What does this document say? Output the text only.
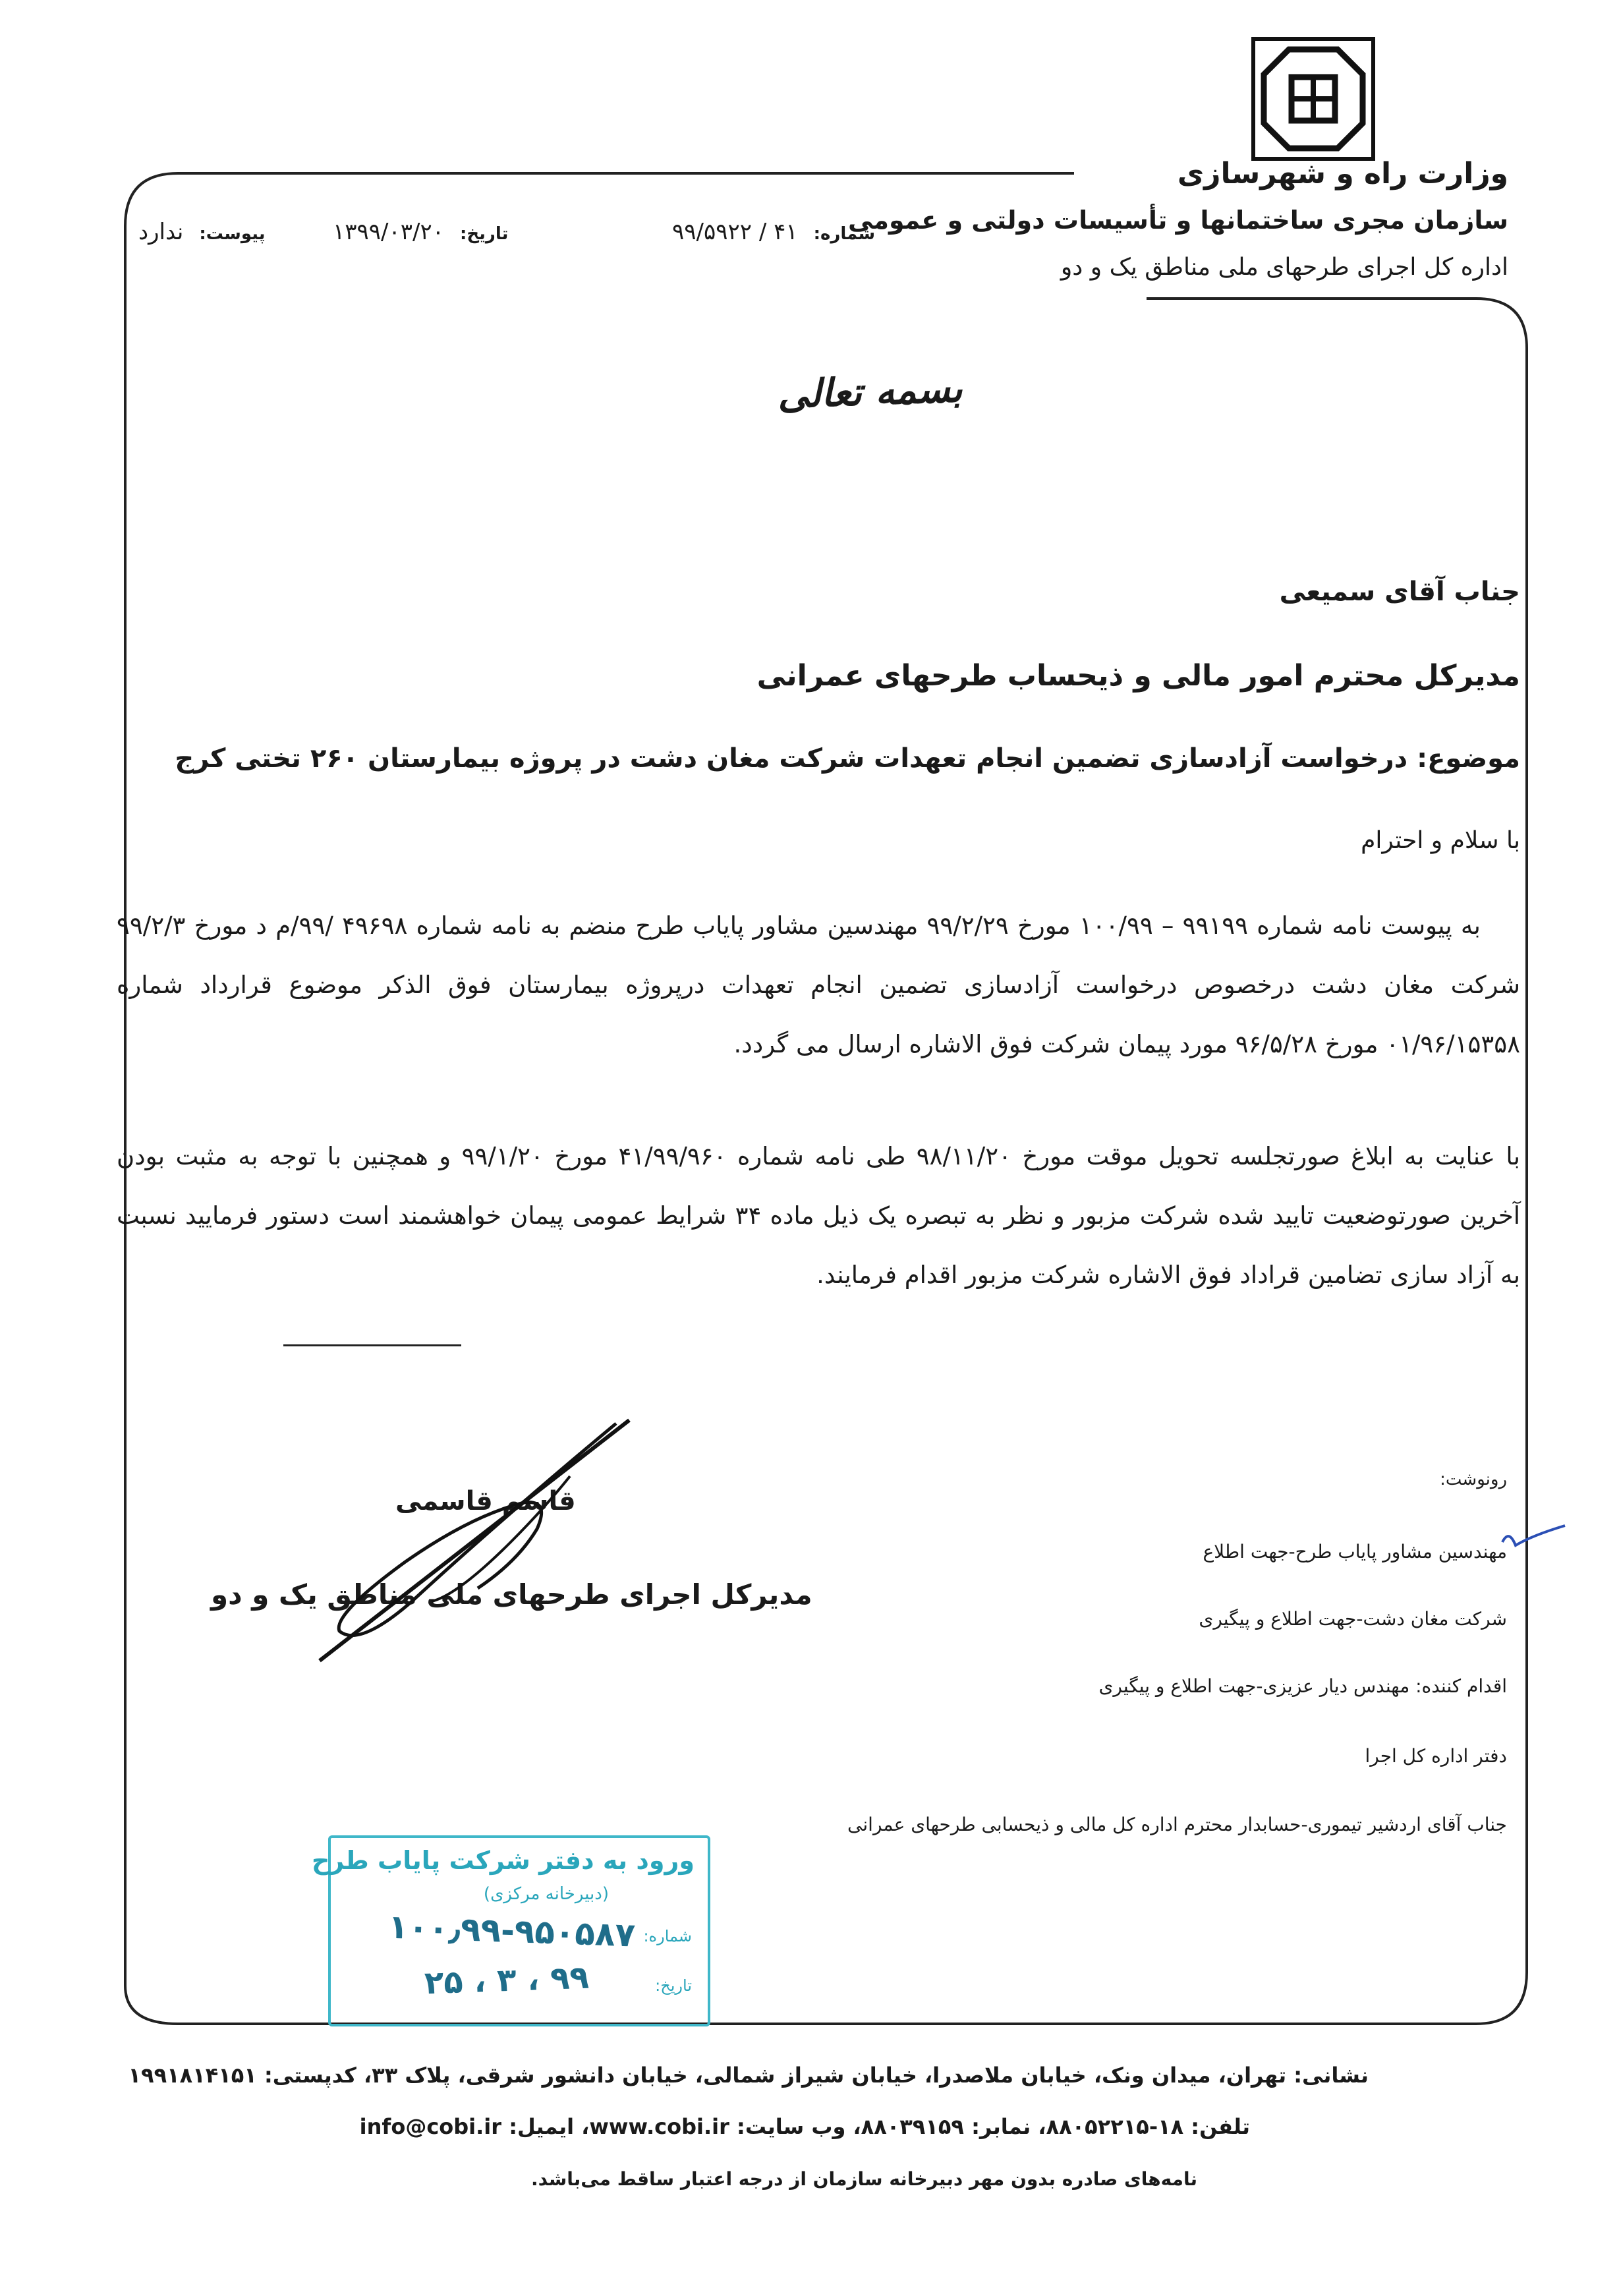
وزارت راه و شهرسازی
سازمان مجری ساختمانها و تأسیسات دولتی و عمومی
اداره کل اجرای طرحهای ملی مناطق یک و دو
شماره:۴۱ / ۹۹/۵۹۲۲
تاریخ:۱۳۹۹/۰۳/۲۰
پیوست:ندارد
بسمه تعالی
جناب آقای سمیعی
مدیرکل محترم امور مالی و ذیحساب طرحهای عمرانی
موضوع: درخواست آزادسازی تضمین انجام تعهدات شرکت مغان دشت در پروژه بیمارستان ۲۶۰ تختی کرج
با سلام و احترام
به پیوست نامه شماره ۹۹۱۹۹ – ۱۰۰/۹۹ مورخ ۹۹/۲/۲۹ مهندسین مشاور پایاب طرح منضم به نامه شماره ۴۹۶۹۸ /۹۹/م د مورخ ۹۹/۲/۳ شرکت مغان دشت درخصوص درخواست آزادسازی تضمین انجام تعهدات درپروژه بیمارستان فوق الذکر موضوع قرارداد شماره ۰۱/۹۶/۱۵۳۵۸ مورخ ۹۶/۵/۲۸ مورد پیمان شرکت فوق الاشاره ارسال می گردد.
با عنایت به ابلاغ صورتجلسه تحویل موقت مورخ ۹۸/۱۱/۲۰ طی نامه شماره ۴۱/۹۹/۹۶۰ مورخ ۹۹/۱/۲۰ و همچنین با توجه به مثبت بودن آخرین صورتوضعیت تایید شده شرکت مزبور و نظر به تبصره یک ذیل ماده ۳۴ شرایط عمومی پیمان خواهشمند است دستور فرمایید نسبت به آزاد سازی تضامین قراداد فوق الاشاره شرکت مزبور اقدام فرمایند.
رونوشت:
مهندسین مشاور پایاب طرح-جهت اطلاع
شرکت مغان دشت-جهت اطلاع و پیگیری
اقدام کننده: مهندس دیار عزیزی-جهت اطلاع و پیگیری
دفتر اداره کل اجرا
جناب آقای اردشیر تیموری-حسابدار محترم اداره کل مالی و ذیحسابی طرحهای عمرانی
قاسم قاسمی
مدیرکل اجرای طرحهای ملی مناطق یک و دو
ورود به دفتر شرکت پایاب طرح
(دبیرخانه مرکزی)
شماره:
۱۰۰٫۹۹-۹۵۰۵۸۷
تاریخ:
۹۹ ، ۳ ، ۲۵
نشانی: تهران، میدان ونک، خیابان ملاصدرا، خیابان شیراز شمالی، خیابان دانشور شرقی، پلاک ۳۳، کدپستی: ۱۹۹۱۸۱۴۱۵۱
تلفن: ۱۸-۸۸۰۵۲۲۱۵، نمابر: ۸۸۰۳۹۱۵۹، وب سایت: www.cobi.ir، ایمیل: info@cobi.ir
نامه‌های صادره بدون مهر دبیرخانه سازمان از درجه اعتبار ساقط می‌باشد.
